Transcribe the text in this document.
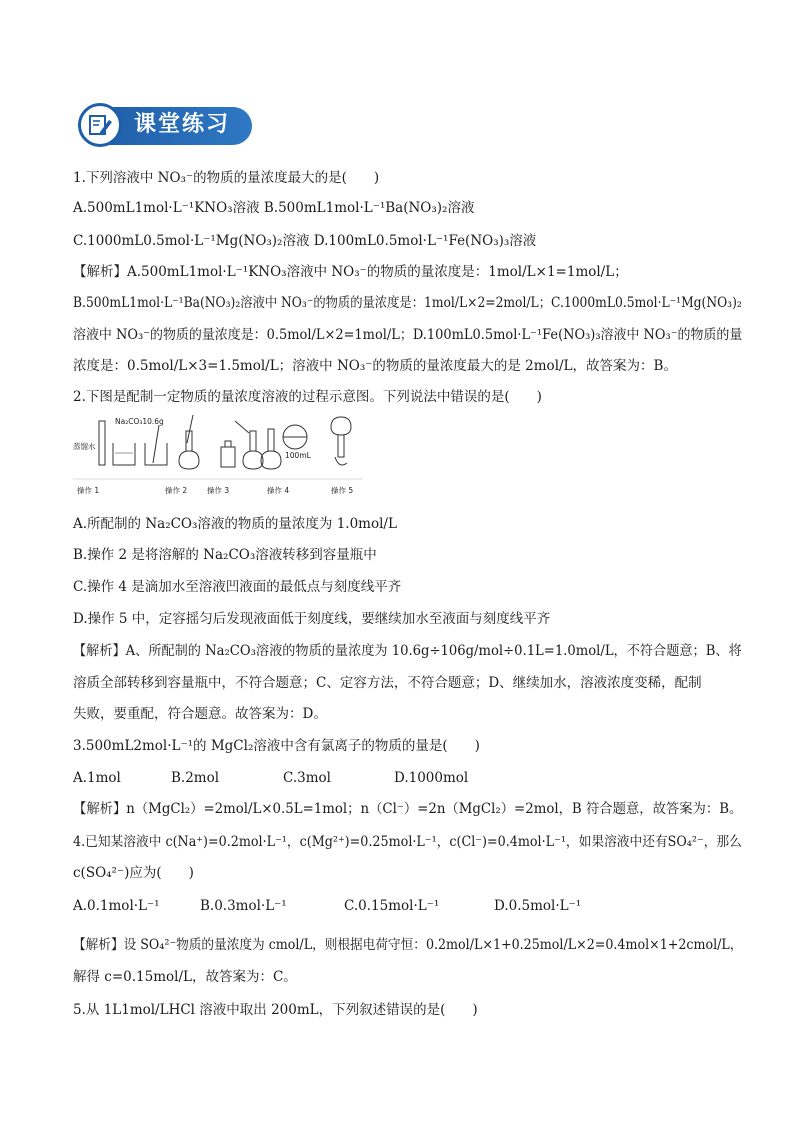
课堂练习
1.下列溶液中 NO₃⁻的物质的量浓度最大的是(　　)
A.500mL1mol·L⁻¹KNO₃溶液 B.500mL1mol·L⁻¹Ba(NO₃)₂溶液
C.1000mL0.5mol·L⁻¹Mg(NO₃)₂溶液 D.100mL0.5mol·L⁻¹Fe(NO₃)₃溶液
【解析】A.500mL1mol·L⁻¹KNO₃溶液中 NO₃⁻的物质的量浓度是：1mol/L×1=1mol/L；
B.500mL1mol·L⁻¹Ba(NO₃)₂溶液中 NO₃⁻的物质的量浓度是：1mol/L×2=2mol/L；C.1000mL0.5mol·L⁻¹Mg(NO₃)₂
溶液中 NO₃⁻的物质的量浓度是：0.5mol/L×2=1mol/L；D.100mL0.5mol·L⁻¹Fe(NO₃)₃溶液中 NO₃⁻的物质的量
浓度是：0.5mol/L×3=1.5mol/L；溶液中 NO₃⁻的物质的量浓度最大的是 2mol/L，故答案为：B。
2.下图是配制一定物质的量浓度溶液的过程示意图。下列说法中错误的是(　　)
蒸馏水
Na₂CO₃10.6g
100mL
操作 1	操作 2	操作 3	操作 4	操作 5
A.所配制的 Na₂CO₃溶液的物质的量浓度为 1.0mol/L
B.操作 2 是将溶解的 Na₂CO₃溶液转移到容量瓶中
C.操作 4 是滴加水至溶液凹液面的最低点与刻度线平齐
D.操作 5 中，定容摇匀后发现液面低于刻度线，要继续加水至液面与刻度线平齐
【解析】A、所配制的 Na₂CO₃溶液的物质的量浓度为 10.6g÷106g/mol÷0.1L=1.0mol/L，不符合题意；B、将
溶质全部转移到容量瓶中，不符合题意；C、定容方法，不符合题意；D、继续加水，溶液浓度变稀，配制
失败，要重配，符合题意。故答案为：D。
3.500mL2mol·L⁻¹的 MgCl₂溶液中含有氯离子的物质的量是(　　)
A.1mol	B.2mol	C.3mol	D.1000mol
【解析】n（MgCl₂）=2mol/L×0.5L=1mol；n（Cl⁻）=2n（MgCl₂）=2mol，B 符合题意，故答案为：B。
4.已知某溶液中 c(Na⁺)=0.2mol·L⁻¹，c(Mg²⁺)=0.25mol·L⁻¹，c(Cl⁻)=0.4mol·L⁻¹，如果溶液中还有SO₄²⁻，那么
c(SO₄²⁻)应为(　　)
A.0.1mol·L⁻¹	B.0.3mol·L⁻¹	C.0.15mol·L⁻¹	D.0.5mol·L⁻¹
【解析】设 SO₄²⁻物质的量浓度为 cmol/L，则根据电荷守恒：0.2mol/L×1+0.25mol/L×2=0.4mol×1+2cmol/L，
解得 c=0.15mol/L，故答案为：C。
5.从 1L1mol/LHCl 溶液中取出 200mL，下列叙述错误的是(　　)
